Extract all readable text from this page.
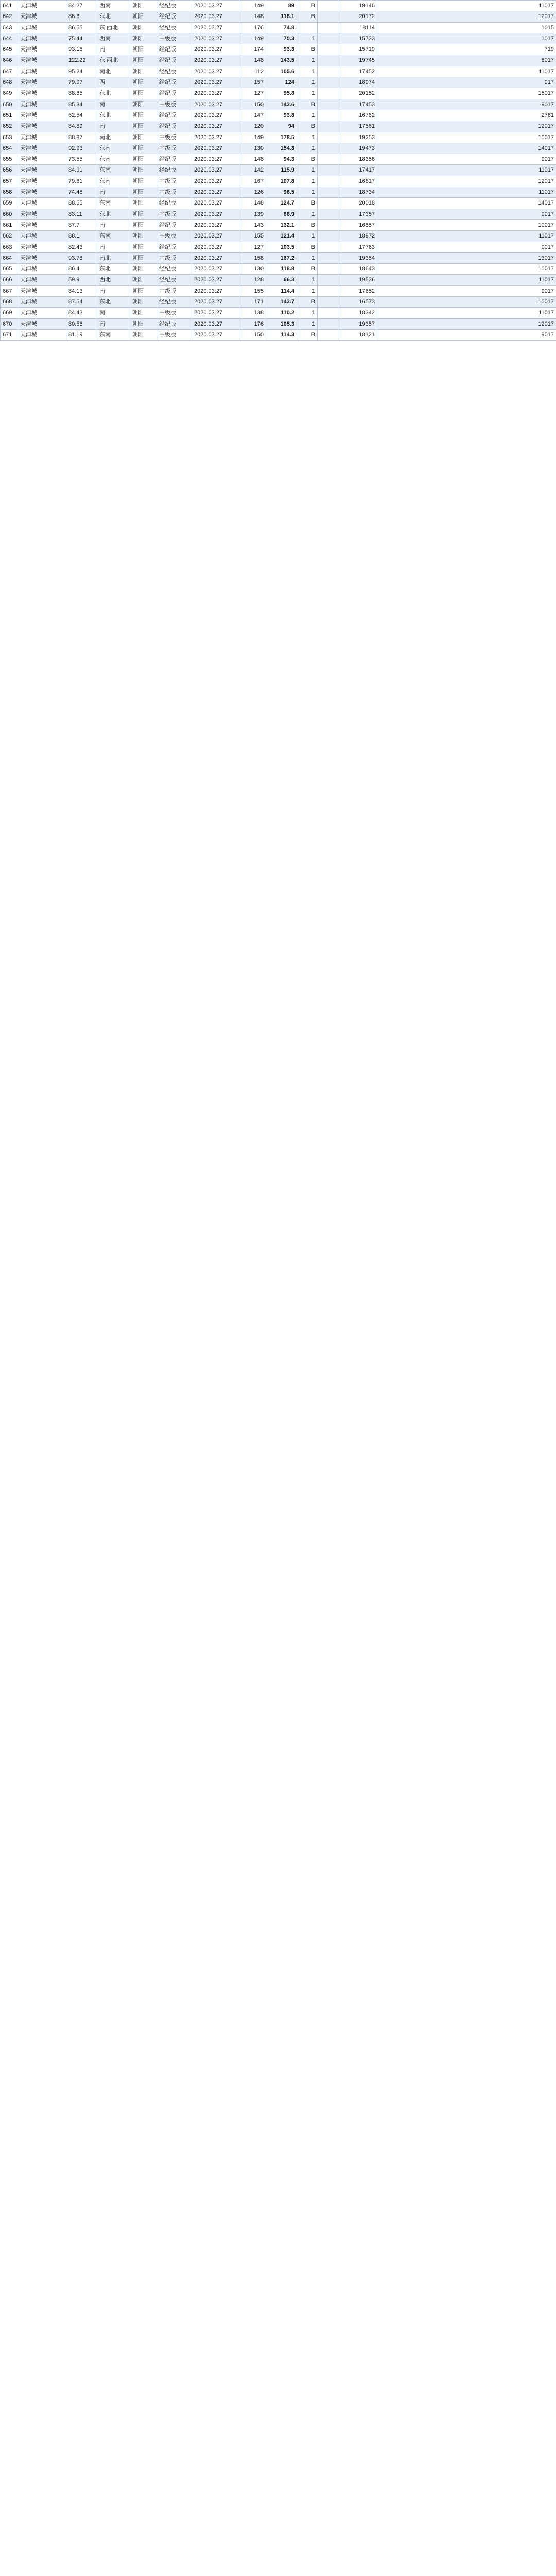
641	天津城	84.27	西南	朝阳	经纪版	2020.03.27	149	89	B		19146	11017
642	天津城	88.6	东北	朝阳	经纪版	2020.03.27	148	118.1	B		20172	12017
643	天津城	86.55	东 西北	朝阳	经纪版	2020.03.27	176	74.8			18114	1015
644	天津城	75.44	西南	朝阳	中级版	2020.03.27	149	70.3	1		15733	1017
645	天津城	93.18	南	朝阳	经纪版	2020.03.27	174	93.3	B		15719	719
646	天津城	122.22	东 西北	朝阳	经纪版	2020.03.27	148	143.5	1		19745	8017
647	天津城	95.24	南北	朝阳	经纪版	2020.03.27	112	105.6	1		17452	11017
648	天津城	79.97	西	朝阳	经纪版	2020.03.27	157	124	1		18974	917
649	天津城	88.65	东北	朝阳	经纪版	2020.03.27	127	95.8	1		20152	15017
650	天津城	85.34	南	朝阳	中级版	2020.03.27	150	143.6	B		17453	9017
651	天津城	62.54	东北	朝阳	经纪版	2020.03.27	147	93.8	1		16782	2761
652	天津城	84.89	南	朝阳	经纪版	2020.03.27	120	94	B		17561	12017
653	天津城	88.87	南北	朝阳	中级版	2020.03.27	149	178.5	1		19253	10017
654	天津城	92.93	东南	朝阳	中级版	2020.03.27	130	154.3	1		19473	14017
655	天津城	73.55	东南	朝阳	经纪版	2020.03.27	148	94.3	B		18356	9017
656	天津城	84.91	东南	朝阳	经纪版	2020.03.27	142	115.9	1		17417	11017
657	天津城	79.61	东南	朝阳	中级版	2020.03.27	167	107.8	1		16817	12017
658	天津城	74.48	南	朝阳	中级版	2020.03.27	126	96.5	1		18734	11017
659	天津城	88.55	东南	朝阳	经纪版	2020.03.27	148	124.7	B		20018	14017
660	天津城	83.11	东北	朝阳	中级版	2020.03.27	139	88.9	1		17357	9017
661	天津城	87.7	南	朝阳	经纪版	2020.03.27	143	132.1	B		16857	10017
662	天津城	88.1	东南	朝阳	中级版	2020.03.27	155	121.4	1		18972	11017
663	天津城	82.43	南	朝阳	经纪版	2020.03.27	127	103.5	B		17763	9017
664	天津城	93.78	南北	朝阳	中级版	2020.03.27	158	167.2	1		19354	13017
665	天津城	86.4	东北	朝阳	经纪版	2020.03.27	130	118.8	B		18643	10017
666	天津城	59.9	西北	朝阳	经纪版	2020.03.27	128	66.3	1		19536	11017
667	天津城	84.13	南	朝阳	中级版	2020.03.27	155	114.4	1		17652	9017
668	天津城	87.54	东北	朝阳	经纪版	2020.03.27	171	143.7	B		16573	10017
669	天津城	84.43	南	朝阳	中级版	2020.03.27	138	110.2	1		18342	11017
670	天津城	80.56	南	朝阳	经纪版	2020.03.27	176	105.3	1		19357	12017
671	天津城	81.19	东南	朝阳	中级版	2020.03.27	150	114.3	B		18121	9017
